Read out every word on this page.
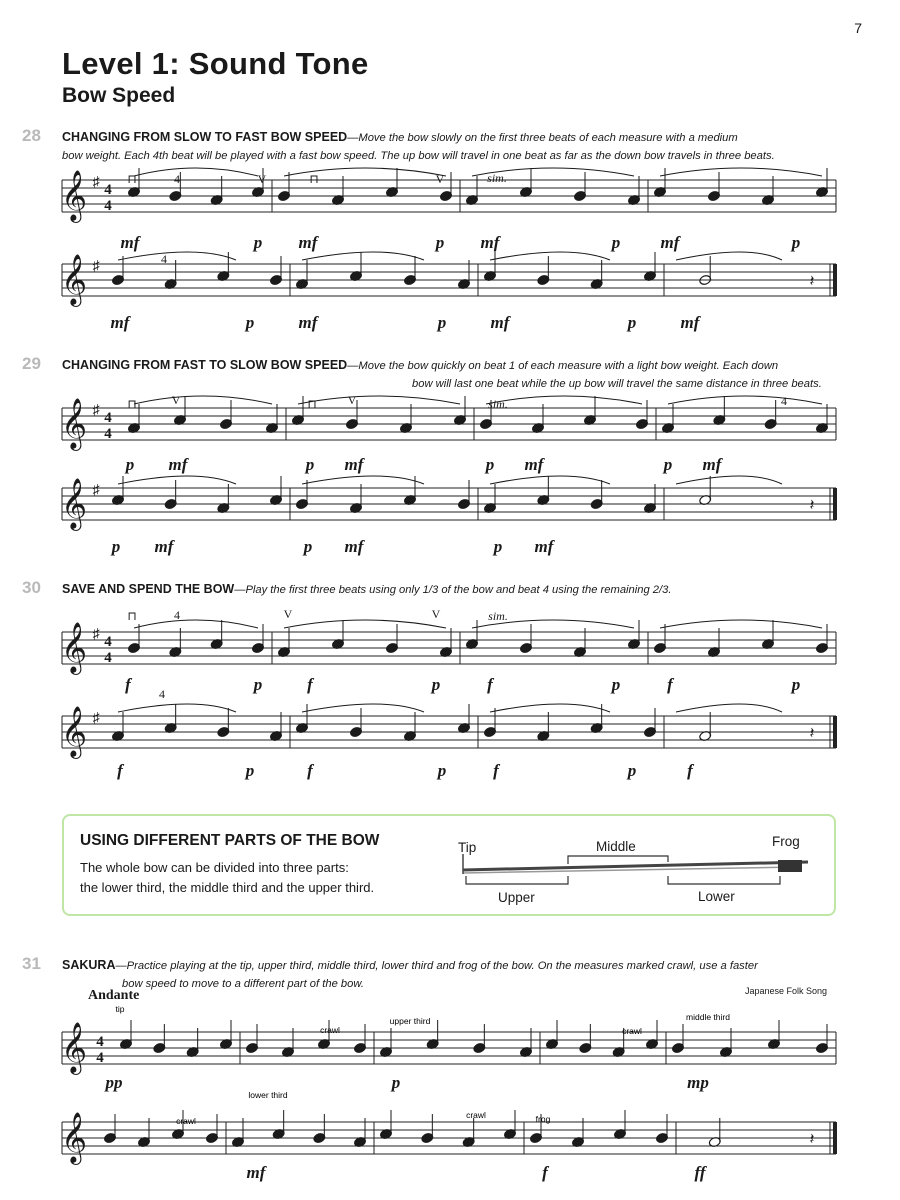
7
Level 1: Sound Tone
Bow Speed
28 CHANGING FROM SLOW TO FAST BOW SPEED—Move the bow slowly on the first three beats of each measure with a medium
bow weight. Each 4th beat will be played with a fast bow speed. The up bow will travel in one beat as far as the down bow travels in three beats.
29 CHANGING FROM FAST TO SLOW BOW SPEED—Move the bow quickly on beat 1 of each measure with a light bow weight. Each down
bow will last one beat while the up bow will travel the same distance in three beats.
30 SAVE AND SPEND THE BOW—Play the first three beats using only 1/3 of the bow and beat 4 using the remaining 2/3.
USING DIFFERENT PARTS OF THE BOW
The whole bow can be divided into three parts:
the lower third, the middle third and the upper third.
Tip	Middle	Frog
Upper	Lower
31 SAKURA—Practice playing at the tip, upper third, middle third, lower third and frog of the bow. On the measures marked crawl, use a faster
bow speed to move to a different part of the bow.
Andante	Japanese Folk Song
𝄞 ♯ 4
4
𝄞 ♯
𝄞 ♯ 4
4
𝄞 ♯
𝄞 ♯ 4
4
𝄞 ♯
𝄞 4
4
𝄞
𝄽
𝄽
𝄽
𝄽
mf	p mf	p mf	p mf	p
mf	p	mf	p	mf	p	mf
p mf	p mf	p mf	p mf
p mf	p mf	p mf
f	p	f	p	f	p	f	p
f	p	f	p	f	p	f
pp	p	mp
mf	f	ff
sim.
sim.
sim.
4
4
4
4
4
⊓	⊓
⊓	⊓
⊓
V	V
V	V
V	V
tip
crawl
upper third
crawl
middle third
crawl
lower third
crawl	frog
